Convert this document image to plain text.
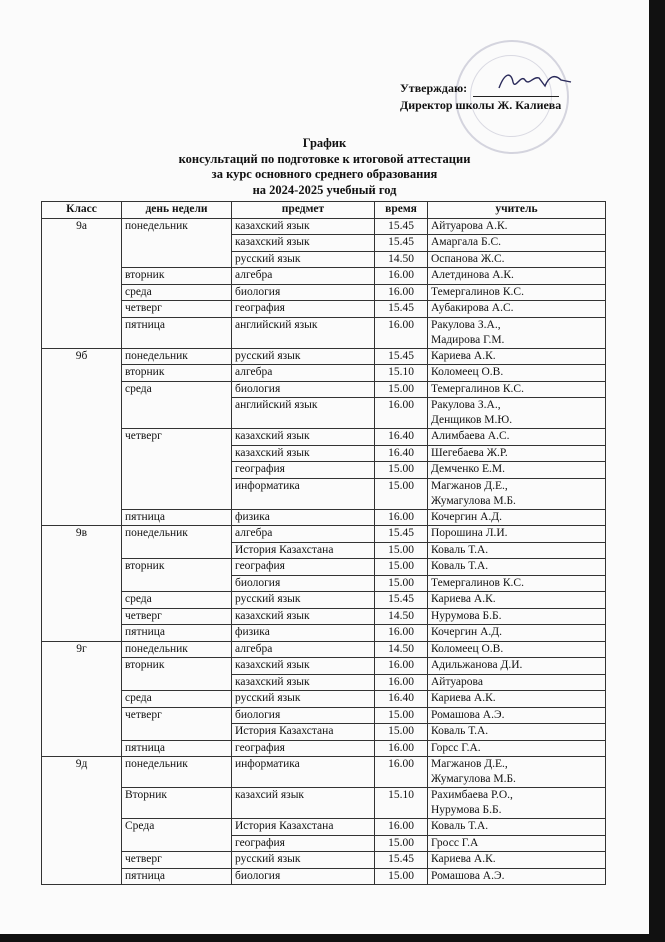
Утверждаю:
Директор школы Ж. Калиева
График
консультаций по подготовке к итоговой аттестации
за курс основного среднего образования
на 2024-2025 учебный год
Класс	день недели	предмет	время	учитель
9а	понедельник	казахский язык	15.45	Айтуарова А.К.

		казахский язык	15.45	Амаргала Б.С.

		русский язык	14.50	Оспанова Ж.С.

	вторник	алгебра	16.00	Алетдинова А.К.

	среда	биология	16.00	Темергалинов К.С.

	четверг	география	15.45	Аубакирова А.С.

	пятница	английский язык	16.00	Ракулова З.А.,
Мадирова Г.М.

9б	понедельник	русский язык	15.45	Кариева А.К.

	вторник	алгебра	15.10	Коломеец О.В.

	среда	биология	15.00	Темергалинов К.С.

		английский язык	16.00	Ракулова З.А.,
Денщиков М.Ю.

	четверг	казахский язык	16.40	Алимбаева А.С.

		казахский язык	16.40	Шегебаева Ж.Р.

		география	15.00	Демченко Е.М.

		информатика	15.00	Магжанов Д.Е.,
Жумагулова М.Б.

	пятница	физика	16.00	Кочергин А.Д.

9в	понедельник	алгебра	15.45	Порошина Л.И.

		История Казахстана	15.00	Коваль Т.А.

	вторник	география	15.00	Коваль Т.А.

		биология	15.00	Темергалинов К.С.

	среда	русский язык	15.45	Кариева А.К.

	четверг	казахский язык	14.50	Нурумова Б.Б.

	пятница	физика	16.00	Кочергин А.Д.

9г	понедельник	алгебра	14.50	Коломеец О.В.

	вторник	казахский язык	16.00	Адильжанова Д.И.

		казахский язык	16.00	Айтуарова

	среда	русский язык	16.40	Кариева А.К.

	четверг	биология	15.00	Ромашова А.Э.

		История Казахстана	15.00	Коваль Т.А.

	пятница	география	16.00	Горсс Г.А.

9д	понедельник	информатика	16.00	Магжанов Д.Е.,
Жумагулова М.Б.

	Вторник	казахсий язык	15.10	Рахимбаева Р.О.,
Нурумова Б.Б.

	Среда	История Казахстана	16.00	Коваль Т.А.

		география	15.00	Гросс Г.А

	четверг	русский язык	15.45	Кариева А.К.

	пятница	биология	15.00	Ромашова А.Э.
